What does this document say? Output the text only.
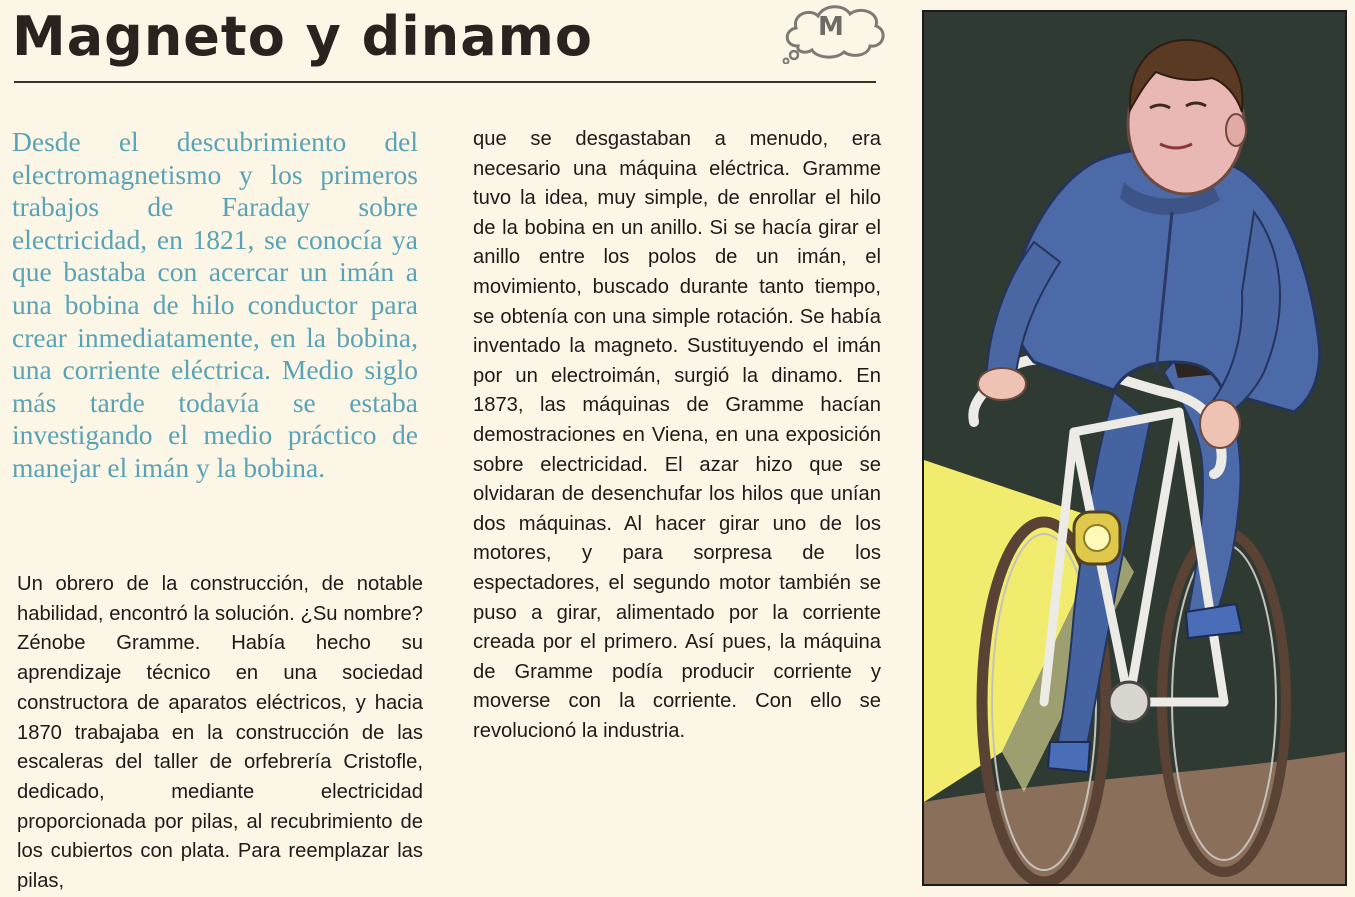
Magneto y dinamo	M

Desde el descubrimiento del electromagnetismo y los primeros trabajos de Faraday sobre electricidad, en 1821, se conocía ya que bastaba con acercar un imán a una bobina de hilo conductor para crear inmediatamente, en la bobina, una corriente eléctrica. Medio siglo más tarde todavía se estaba investigando el medio práctico de manejar el imán y la bobina.

Un obrero de la construcción, de notable habilidad, encontró la solución. ¿Su nombre? Zénobe Gramme. Había hecho su aprendizaje técnico en una sociedad constructora de aparatos eléctricos, y hacia 1870 trabajaba en la construcción de las escaleras del taller de orfebrería Cristofle, dedicado, mediante electricidad proporcionada por pilas, al recubrimiento de los cubiertos con plata. Para reemplazar las pilas,

que se desgastaban a menudo, era necesario una máquina eléctrica. Gramme tuvo la idea, muy simple, de enrollar el hilo de la bobina en un anillo. Si se hacía girar el anillo entre los polos de un imán, el movimiento, buscado durante tanto tiempo, se obtenía con una simple rotación. Se había inventado la magneto. Sustituyendo el imán por un electroimán, surgió la dinamo. En 1873, las máquinas de Gramme hacían demostraciones en Viena, en una exposición sobre electricidad. El azar hizo que se olvidaran de desenchufar los hilos que unían dos máquinas. Al hacer girar uno de los motores, y para sorpresa de los espectadores, el segundo motor también se puso a girar, alimentado por la corriente creada por el primero. Así pues, la máquina de Gramme podía producir corriente y moverse con la corriente. Con ello se revolucionó la industria.
